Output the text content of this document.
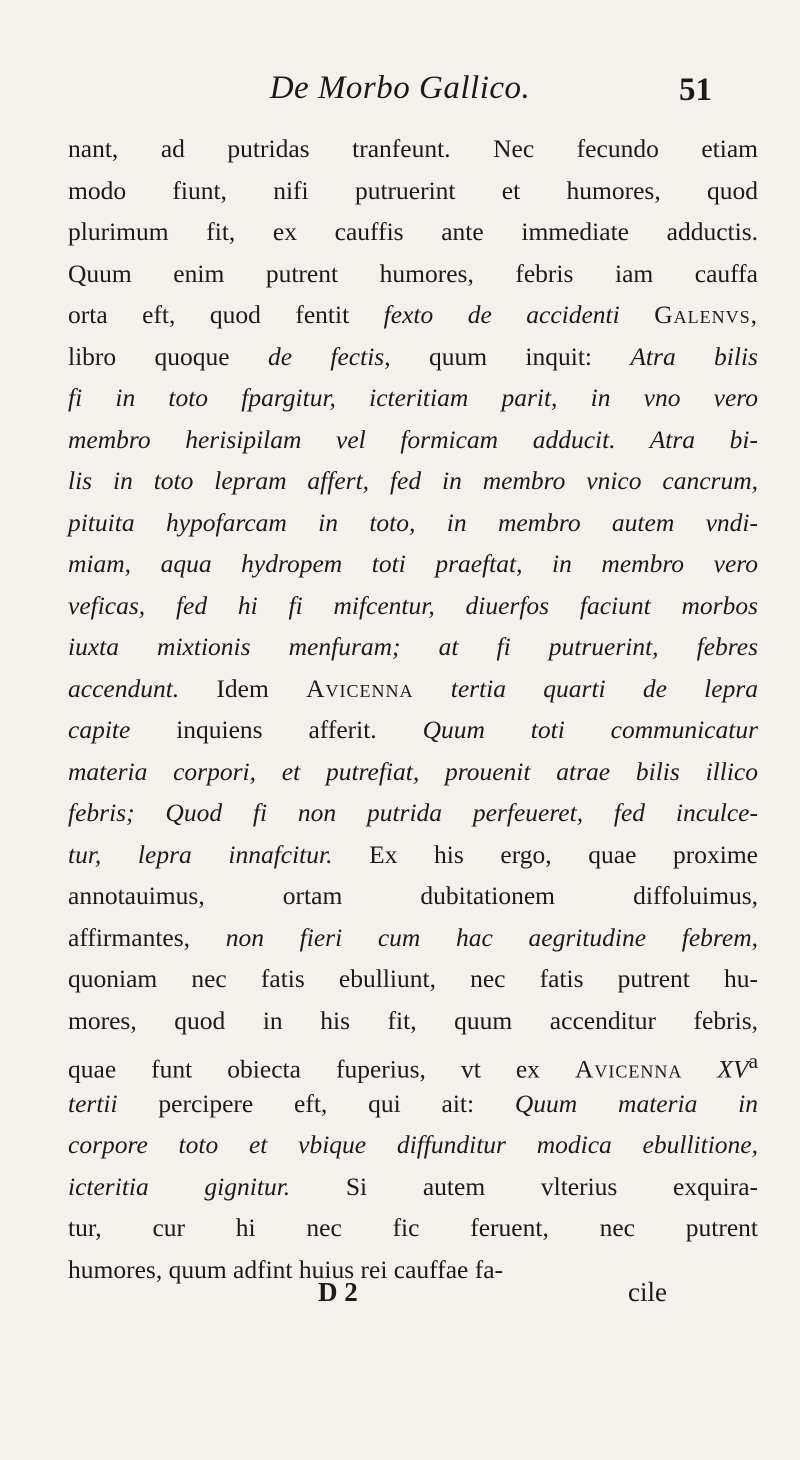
De Morbo Gallico.	51
nant, ad putridas tranfeunt. Nec fecundo etiam
modo fiunt, nifi putruerint et humores, quod
plurimum fit, ex cauffis ante immediate adductis.
Quum enim putrent humores, febris iam cauffa
orta eft, quod fentit fexto de accidenti Galenvs,
libro quoque de fectis, quum inquit: Atra bilis
fi in toto fpargitur, icteritiam parit, in vno vero
membro herisipilam vel formicam adducit. Atra bi-
lis in toto lepram affert, fed in membro vnico cancrum,
pituita hypofarcam in toto, in membro autem vndi-
miam, aqua hydropem toti praeftat, in membro vero
veficas, fed hi fi mifcentur, diuerfos faciunt morbos
iuxta mixtionis menfuram; at fi putruerint, febres
accendunt. Idem Avicenna tertia quarti de lepra
capite inquiens afferit. Quum toti communicatur
materia corpori, et putrefiat, prouenit atrae bilis illico
febris; Quod fi non putrida perfeueret, fed inculce-
tur, lepra innafcitur. Ex his ergo, quae proxime
annotauimus, ortam dubitationem diffoluimus,
affirmantes, non fieri cum hac aegritudine febrem,
quoniam nec fatis ebulliunt, nec fatis putrent hu-
mores, quod in his fit, quum accenditur febris,
quae funt obiecta fuperius, vt ex Avicenna $XV^a$
tertii percipere eft, qui ait: Quum materia in
corpore toto et vbique diffunditur modica ebullitione,
icteritia gignitur. Si autem vlterius exquira-
tur, cur hi nec fic feruent, nec putrent
humores, quum adfint huius rei cauffae fa-
D 2	cile
